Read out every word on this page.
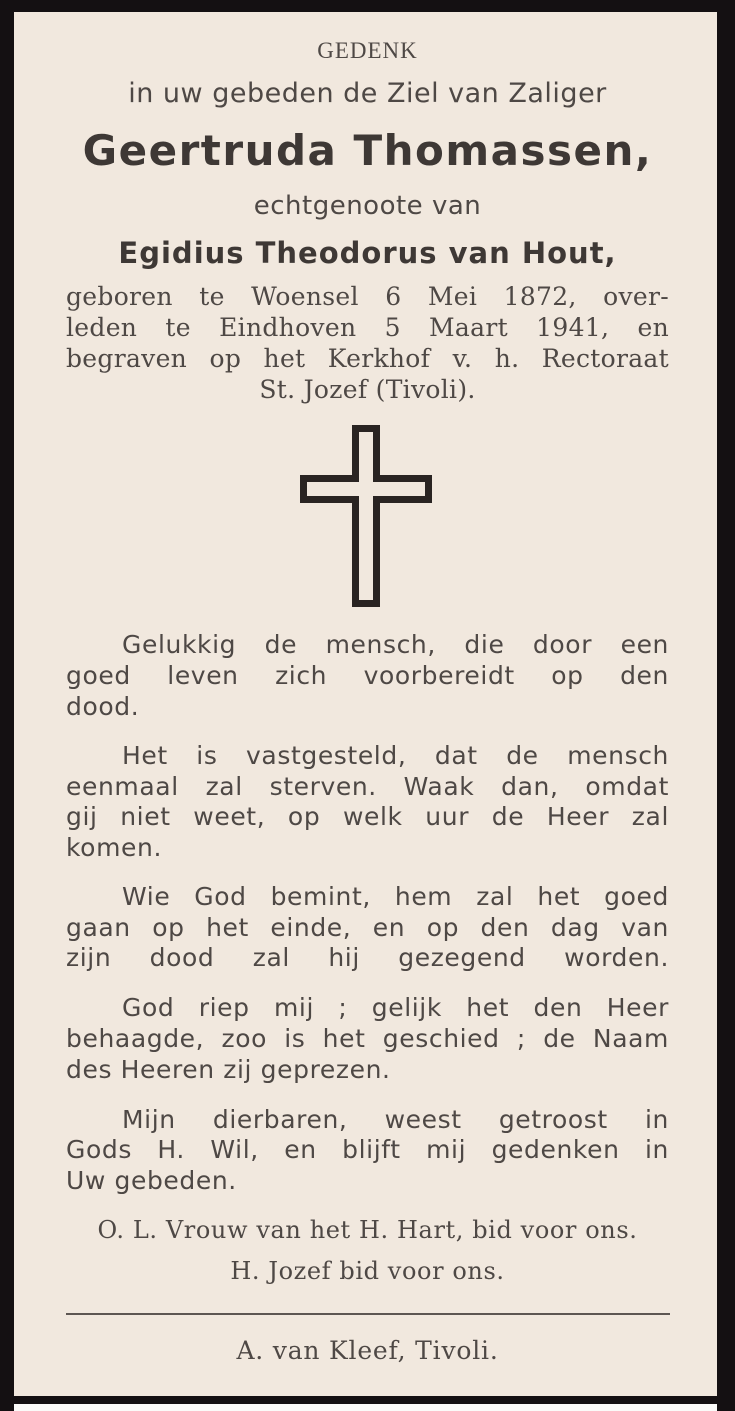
GEDENK
in uw gebeden de Ziel van Zaliger
Geertruda Thomassen,
echtgenoote van
Egidius Theodorus van Hout,
geboren te Woensel 6 Mei 1872, over-
leden te Eindhoven 5 Maart 1941, en
begraven op het Kerkhof v. h. Rectoraat
St. Jozef (Tivoli).
Gelukkig de mensch, die door een
goed leven zich voorbereidt op den
dood.
Het is vastgesteld, dat de mensch
eenmaal zal sterven. Waak dan, omdat
gij niet weet, op welk uur de Heer zal
komen.
Wie God bemint, hem zal het goed
gaan op het einde, en op den dag van
zijn dood zal hij gezegend worden.
God riep mij ; gelijk het den Heer
behaagde, zoo is het geschied ; de Naam
des Heeren zij geprezen.
Mijn dierbaren, weest getroost in
Gods H. Wil, en blijft mij gedenken in
Uw gebeden.
O. L. Vrouw van het H. Hart, bid voor ons.
H. Jozef bid voor ons.
A. van Kleef, Tivoli.
